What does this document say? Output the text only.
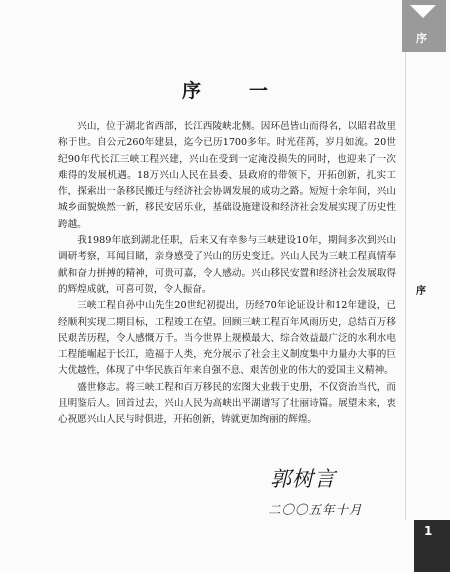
序
序	一

兴山，位于湖北省西部，长江西陵峡北侧。因环邑皆山而得名，以昭君故里称于世。自公元260年建县，迄今已历1700多年。时光荏苒，岁月如流。20世纪90年代长江三峡工程兴建，兴山在受到一定淹没损失的同时，也迎来了一次难得的发展机遇。18万兴山人民在县委、县政府的带领下，开拓创新，扎实工作，探索出一条移民搬迁与经济社会协调发展的成功之路。短短十余年间，兴山城乡面貌焕然一新，移民安居乐业，基础设施建设和经济社会发展实现了历史性跨越。

我1989年底到湖北任职，后来又有幸参与三峡建设10年，期间多次到兴山调研考察，耳闻目睹，亲身感受了兴山的历史变迁。兴山人民为三峡工程真情奉献和奋力拼搏的精神，可贵可嘉，令人感动。兴山移民安置和经济社会发展取得的辉煌成就，可喜可贺，令人振奋。

三峡工程自孙中山先生20世纪初提出，历经70年论证设计和12年建设，已经顺利实现二期目标，工程竣工在望。回顾三峡工程百年风雨历史，总结百万移民艰苦历程，令人感慨万千。当今世界上规模最大、综合效益最广泛的水利水电工程能崛起于长江，造福于人类，充分展示了社会主义制度集中力量办大事的巨大优越性，体现了中华民族百年来自强不息、艰苦创业的伟大的爱国主义精神。

盛世修志。将三峡工程和百万移民的宏图大业载于史册，不仅资治当代，而且明鉴后人。回首过去，兴山人民为高峡出平湖谱写了壮丽诗篇。展望未来，衷心祝愿兴山人民与时俱进，开拓创新，铸就更加绚丽的辉煌。

序
郭树言
二〇〇五年十月
1
